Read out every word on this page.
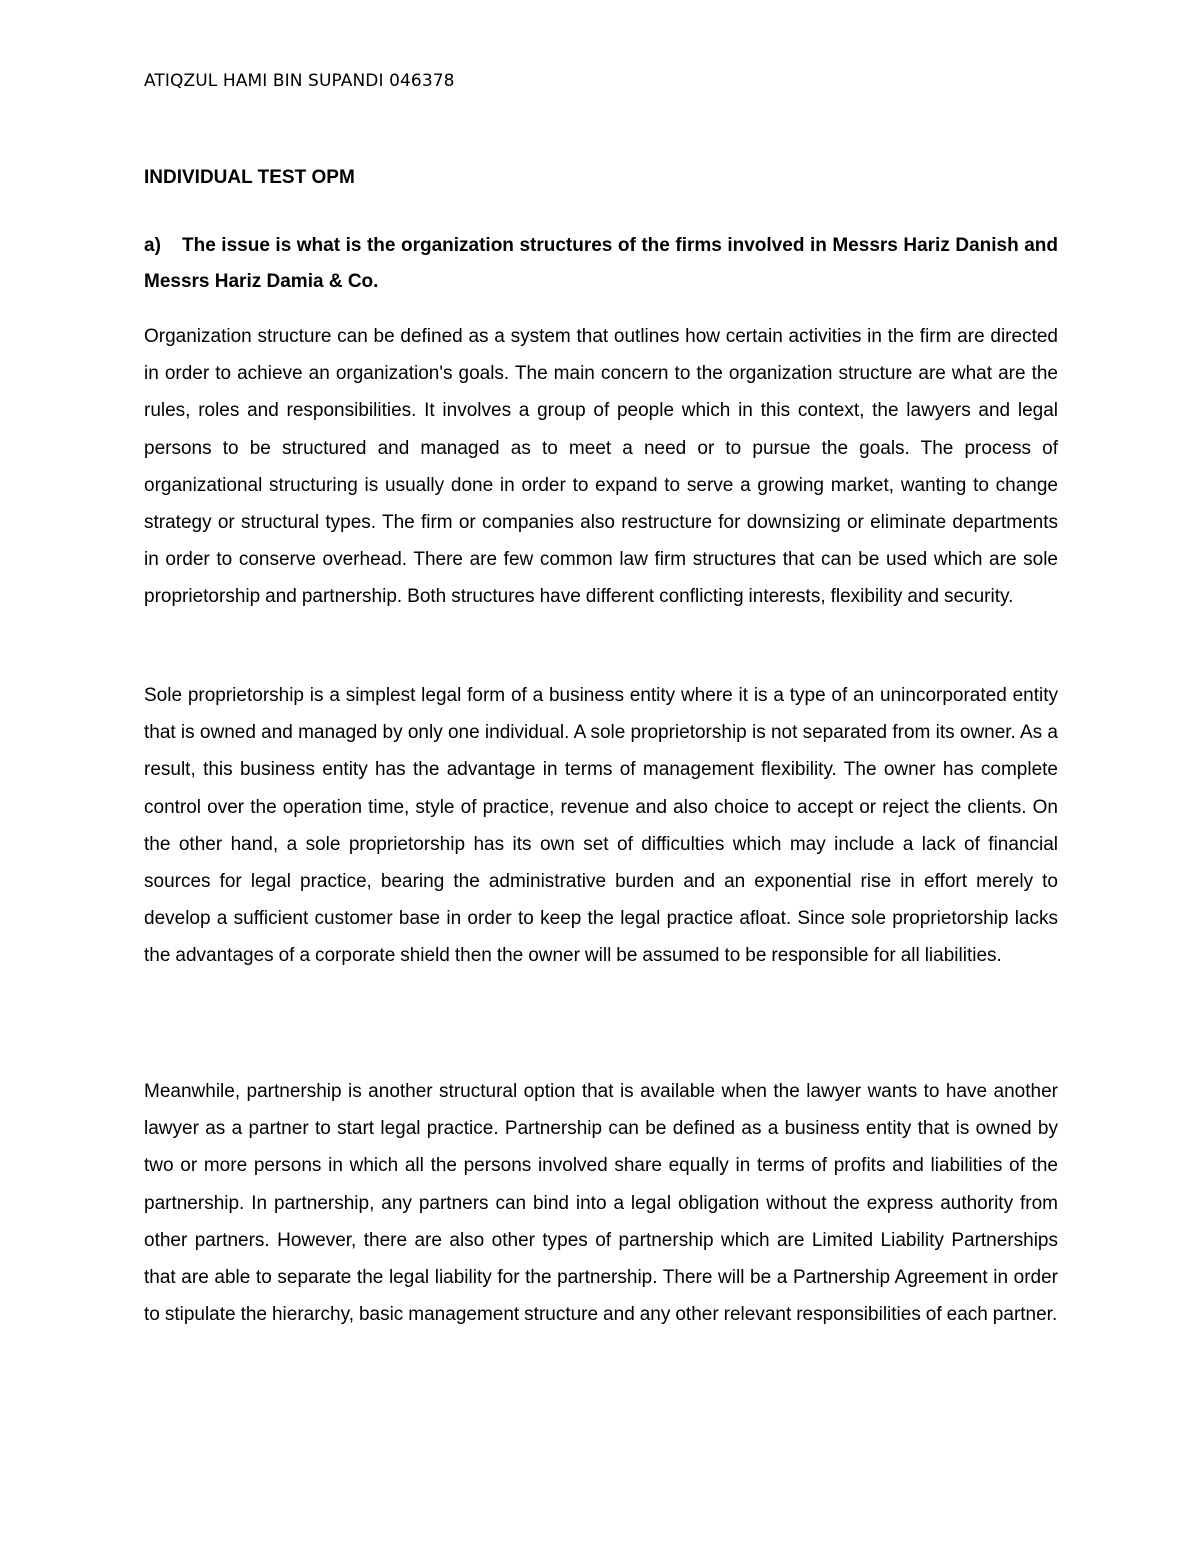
ATIQZUL HAMI BIN SUPANDI 046378
INDIVIDUAL TEST OPM
a) The issue is what is the organization structures of the firms involved in Messrs Hariz Danish and Messrs Hariz Damia & Co.

Organization structure can be defined as a system that outlines how certain activities in the firm are directed in order to achieve an organization's goals. The main concern to the organization structure are what are the rules, roles and responsibilities. It involves a group of people which in this context, the lawyers and legal persons to be structured and managed as to meet a need or to pursue the goals. The process of organizational structuring is usually done in order to expand to serve a growing market, wanting to change strategy or structural types. The firm or companies also restructure for downsizing or eliminate departments in order to conserve overhead. There are few common law firm structures that can be used which are sole proprietorship and partnership. Both structures have different conflicting interests, flexibility and security.

Sole proprietorship is a simplest legal form of a business entity where it is a type of an unincorporated entity that is owned and managed by only one individual. A sole proprietorship is not separated from its owner. As a result, this business entity has the advantage in terms of management flexibility. The owner has complete control over the operation time, style of practice, revenue and also choice to accept or reject the clients. On the other hand, a sole proprietorship has its own set of difficulties which may include a lack of financial sources for legal practice, bearing the administrative burden and an exponential rise in effort merely to develop a sufficient customer base in order to keep the legal practice afloat. Since sole proprietorship lacks the advantages of a corporate shield then the owner will be assumed to be responsible for all liabilities.

Meanwhile, partnership is another structural option that is available when the lawyer wants to have another lawyer as a partner to start legal practice. Partnership can be defined as a business entity that is owned by two or more persons in which all the persons involved share equally in terms of profits and liabilities of the partnership. In partnership, any partners can bind into a legal obligation without the express authority from other partners. However, there are also other types of partnership which are Limited Liability Partnerships that are able to separate the legal liability for the partnership. There will be a Partnership Agreement in order to stipulate the hierarchy, basic management structure and any other relevant responsibilities of each partner.
